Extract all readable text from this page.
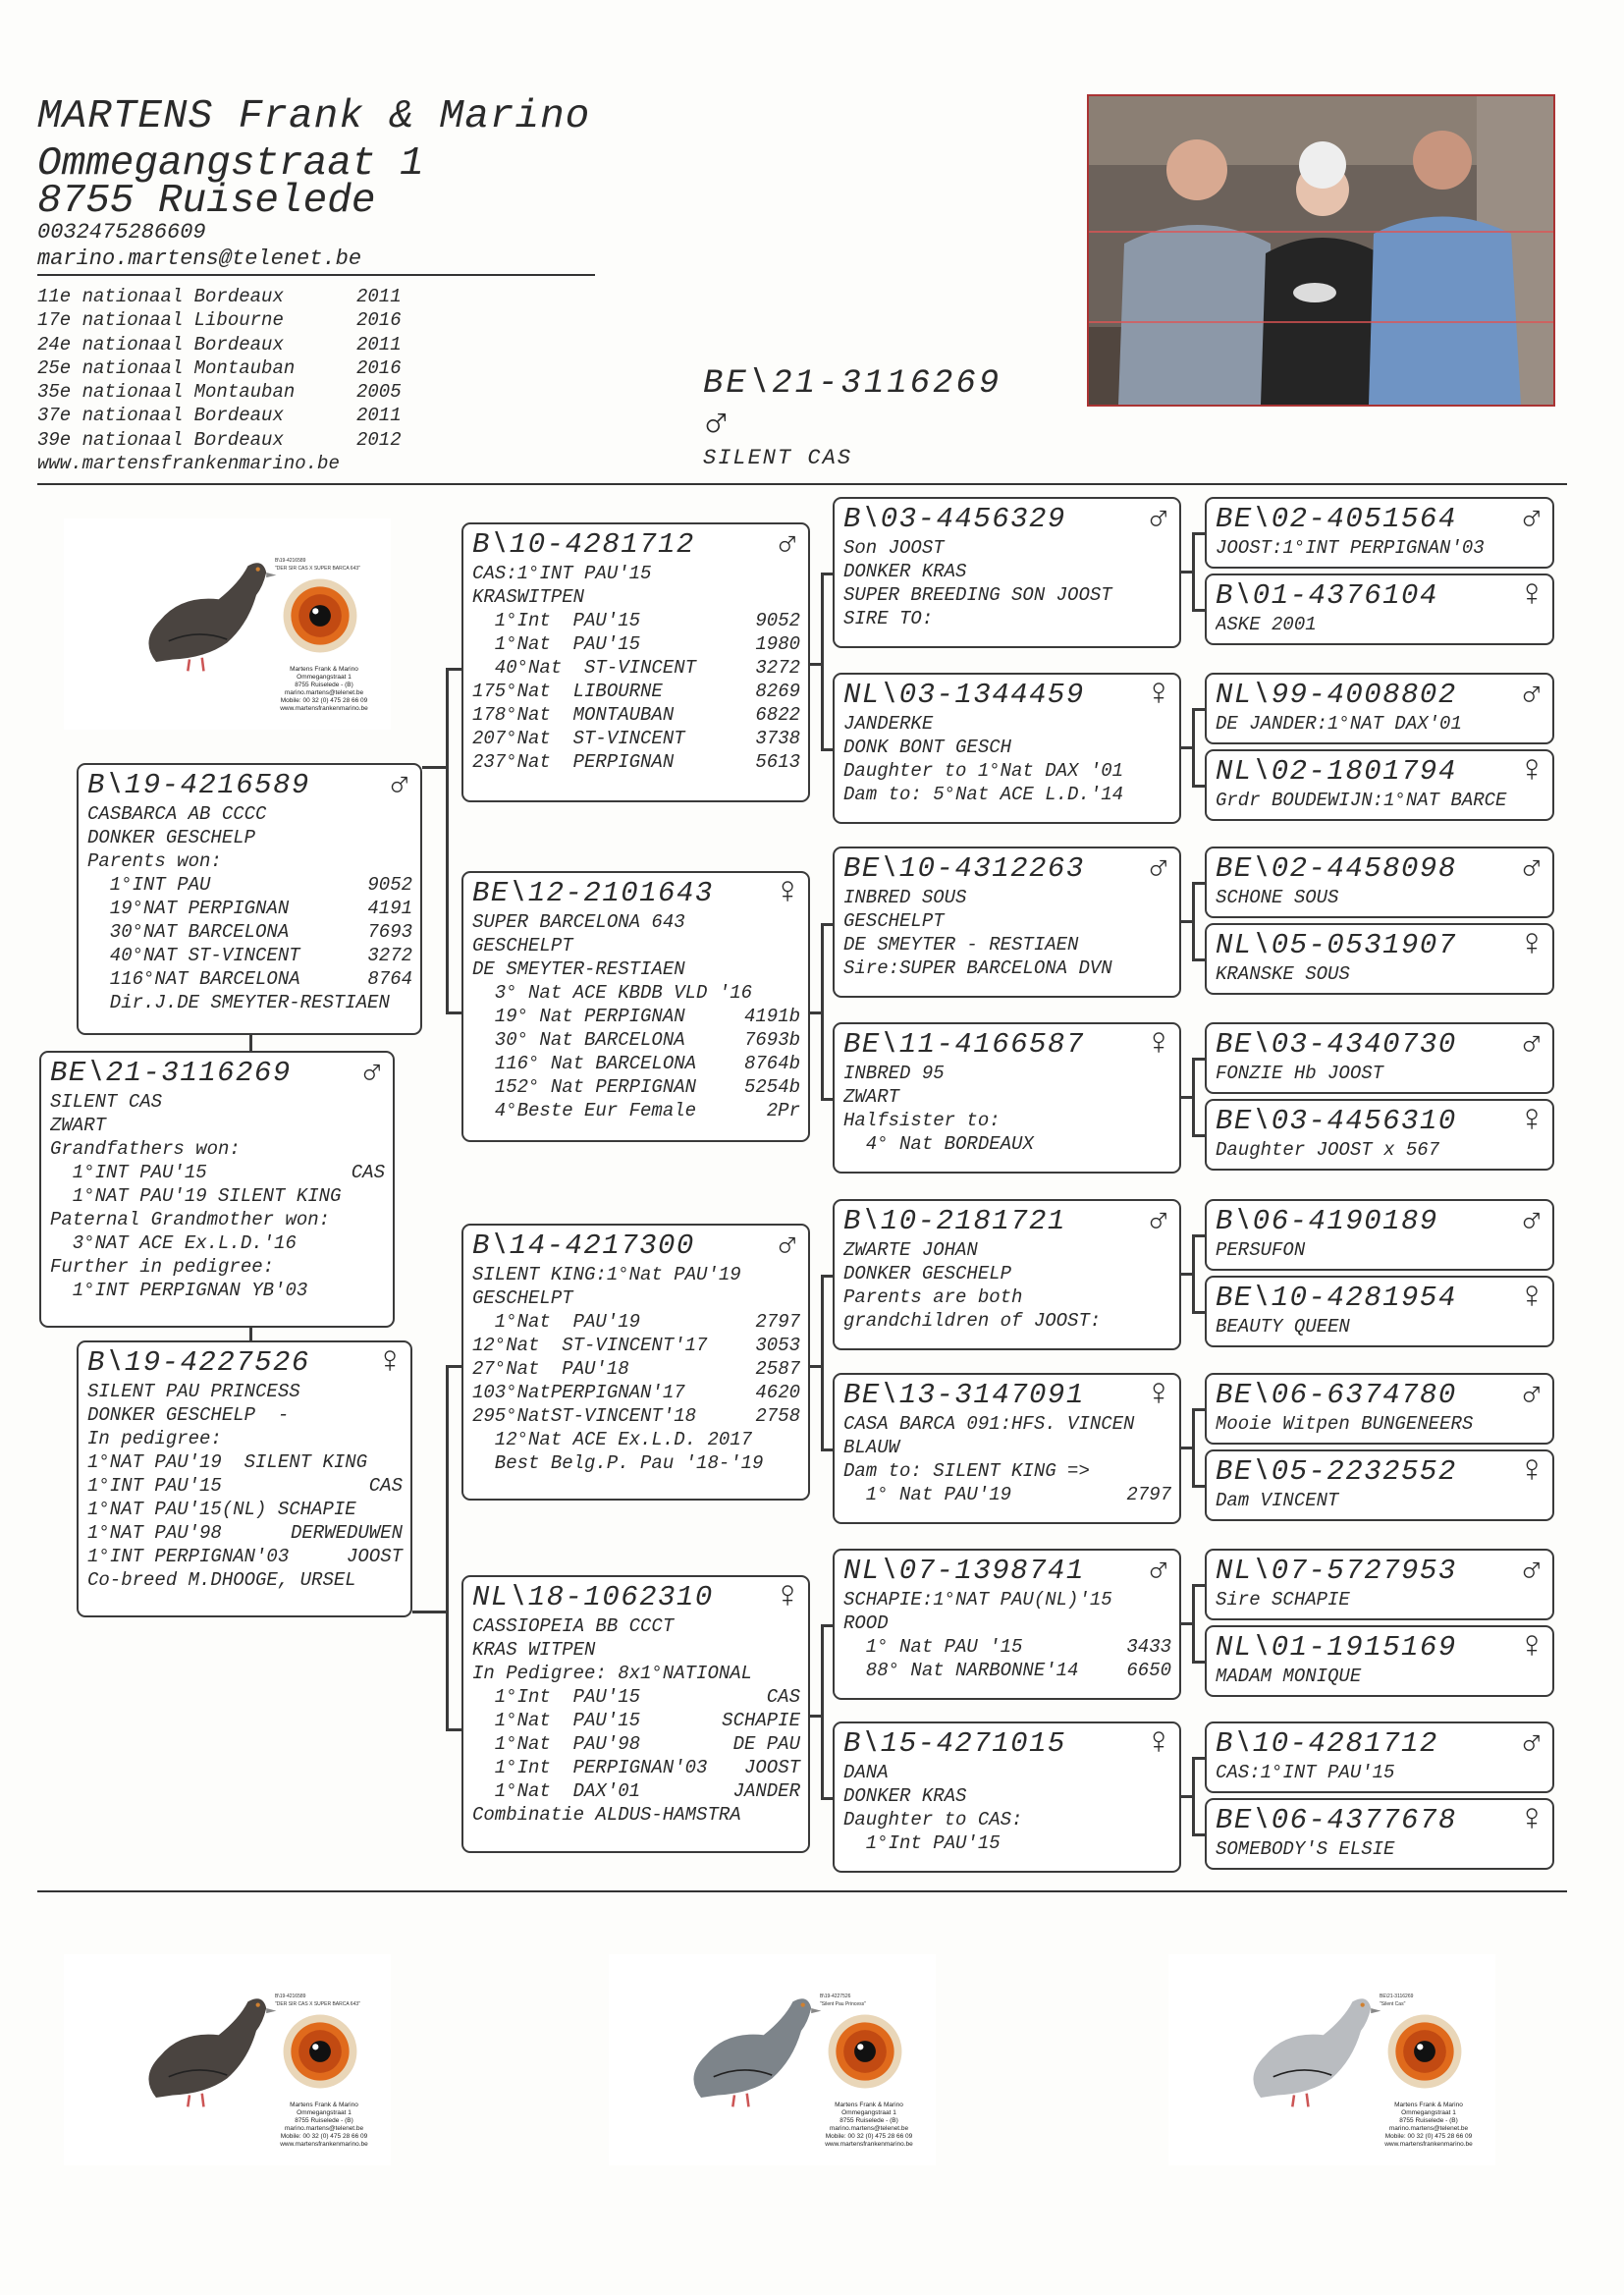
MARTENS Frank & Marino
Ommegangstraat 1
8755 Ruiselede
0032475286609
marino.martens@telenet.be
11e nationaal Bordeaux	2011
17e nationaal Libourne	2016
24e nationaal Bordeaux	2011
25e nationaal Montauban	2016
35e nationaal Montauban	2005
37e nationaal Bordeaux	2011
39e nationaal Bordeaux	2012
www.martensfrankenmarino.be
BE\21-3116269
♂
SILENT CAS
BE\21-3116269 ♂
SILENT CAS
ZWART
Grandfathers won:
1°INT PAU'15	CAS
1°NAT PAU'19 SILENT KING
Paternal Grandmother won:
3°NAT ACE Ex.L.D.'16
Further in pedigree:
1°INT PERPIGNAN YB'03
B\19-4216589 ♂
CASBARCA AB CCCC
DONKER GESCHELP
Parents won:
1°INT PAU	9052
19°NAT PERPIGNAN	4191
30°NAT BARCELONA	7693
40°NAT ST-VINCENT	3272
116°NAT BARCELONA	8764
Dir.J.DE SMEYTER-RESTIAEN
B\19-4227526 ♀
SILENT PAU PRINCESS
DONKER GESCHELP  -
In pedigree:
1°NAT PAU'19  SILENT KING
1°INT PAU'15	CAS
1°NAT PAU'15(NL) SCHAPIE
1°NAT PAU'98	DERWEDUWEN
1°INT PERPIGNAN'03	JOOST
Co-breed M.DHOOGE, URSEL
B\10-4281712 ♂
CAS:1°INT PAU'15
KRASWITPEN
1°Int  PAU'15	9052
1°Nat  PAU'15	1980
40°Nat  ST-VINCENT	3272
175°Nat  LIBOURNE	8269
178°Nat  MONTAUBAN	6822
207°Nat  ST-VINCENT	3738
237°Nat  PERPIGNAN	5613
BE\12-2101643 ♀
SUPER BARCELONA 643
GESCHELPT
DE SMEYTER-RESTIAEN
3° Nat ACE KBDB VLD '16
19° Nat PERPIGNAN	4191b
30° Nat BARCELONA	7693b
116° Nat BARCELONA	8764b
152° Nat PERPIGNAN	5254b
4°Beste Eur Female	2Pr
B\14-4217300 ♂
SILENT KING:1°Nat PAU'19
GESCHELPT
1°Nat  PAU'19	2797
12°Nat  ST-VINCENT'17	3053
27°Nat  PAU'18	2587
103°NatPERPIGNAN'17	4620
295°NatST-VINCENT'18	2758
12°Nat ACE Ex.L.D. 2017
Best Belg.P. Pau '18-'19
NL\18-1062310 ♀
CASSIOPEIA BB CCCT
KRAS WITPEN
In Pedigree: 8x1°NATIONAL
1°Int  PAU'15	CAS
1°Nat  PAU'15	SCHAPIE
1°Nat  PAU'98	DE PAU
1°Int  PERPIGNAN'03 JOOST
1°Nat  DAX'01	JANDER
Combinatie ALDUS-HAMSTRA
B\03-4456329 ♂
Son JOOST
DONKER KRAS
SUPER BREEDING SON JOOST
SIRE TO:
NL\03-1344459 ♀
JANDERKE
DONK BONT GESCH
Daughter to 1°Nat DAX '01
Dam to: 5°Nat ACE L.D.'14
BE\10-4312263 ♂
INBRED SOUS
GESCHELPT
DE SMEYTER - RESTIAEN
Sire:SUPER BARCELONA DVN
BE\11-4166587 ♀
INBRED 95
ZWART
Halfsister to:
4° Nat BORDEAUX
B\10-2181721 ♂
ZWARTE JOHAN
DONKER GESCHELP
Parents are both
grandchildren of JOOST:
BE\13-3147091 ♀
CASA BARCA 091:HFS. VINCEN
BLAUW
Dam to: SILENT KING =>
1° Nat PAU'19	2797
NL\07-1398741 ♂
SCHAPIE:1°NAT PAU(NL)'15
ROOD
1° Nat PAU '15	3433
88° Nat NARBONNE'14	6650
B\15-4271015 ♀
DANA
DONKER KRAS
Daughter to CAS:
1°Int PAU'15
BE\02-4051564 ♂
JOOST:1°INT PERPIGNAN'03
B\01-4376104 ♀
ASKE 2001
NL\99-4008802 ♂
DE JANDER:1°NAT DAX'01
NL\02-1801794 ♀
Grdr BOUDEWIJN:1°NAT BARCE
BE\02-4458098 ♂
SCHONE SOUS
NL\05-0531907 ♀
KRANSKE SOUS
BE\03-4340730 ♂
FONZIE Hb JOOST
BE\03-4456310 ♀
Daughter JOOST x 567
B\06-4190189 ♂
PERSUFON
BE\10-4281954 ♀
BEAUTY QUEEN
BE\06-6374780 ♂
Mooie Witpen BUNGENEERS
BE\05-2232552 ♀
Dam VINCENT
NL\07-5727953 ♂
Sire SCHAPIE
NL\01-1915169 ♀
MADAM MONIQUE
B\10-4281712 ♂
CAS:1°INT PAU'15
BE\06-4377678 ♀
SOMEBODY'S ELSIE
B\19-4216589
"DER SIR CAS X SUPER BARCA 643"
Martens Frank & Marino
Ommegangstraat 1
8755 Ruiselede - (B)
marino.martens@telenet.be
Mobile: 00 32 (0) 475 28 66 09
www.martensfrankenmarino.be
B\19-4216589
"DER SIR CAS X SUPER BARCA 643"
Martens Frank & Marino
Ommegangstraat 1
8755 Ruiselede - (B)
marino.martens@telenet.be
Mobile: 00 32 (0) 475 28 66 09
www.martensfrankenmarino.be
B\19-4227526
"Silent Pau Princess"
Martens Frank & Marino
Ommegangstraat 1
8755 Ruiselede - (B)
marino.martens@telenet.be
Mobile: 00 32 (0) 475 28 66 09
www.martensfrankenmarino.be
BE\21-3116269
"Silent Cas"
Martens Frank & Marino
Ommegangstraat 1
8755 Ruiselede - (B)
marino.martens@telenet.be
Mobile: 00 32 (0) 475 28 66 09
www.martensfrankenmarino.be
